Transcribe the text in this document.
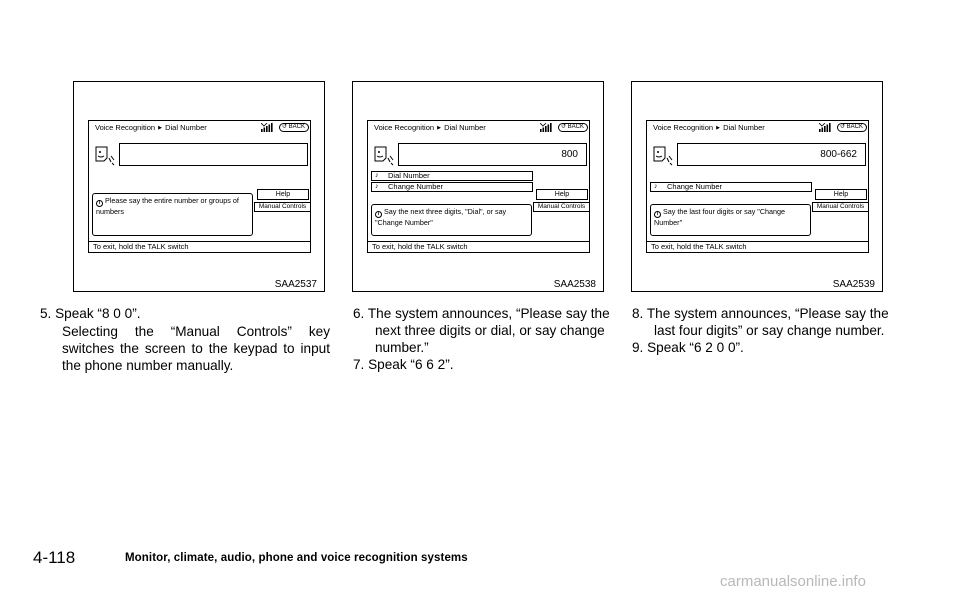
Voice Recognition ▶ Dial Number	↺ BACK
Help
Manual Controls
i Please say the entire number or groups of numbers
To exit, hold the TALK switch
SAA2537
Voice Recognition ▶ Dial Number	↺ BACK
800
♪ Dial Number
♪ Change Number
Help
Manual Controls
i Say the next three digits, "Dial", or say "Change Number"
To exit, hold the TALK switch
SAA2538
Voice Recognition ▶ Dial Number	↺ BACK
800-662
♪ Change Number
Help
Manual Controls
i Say the last four digits or say "Change Number"
To exit, hold the TALK switch
SAA2539
5. Speak “8 0 0”.
Selecting the “Manual Controls” key switches the screen to the keypad to input the phone number manually.
6. The system announces, “Please say the next three digits or dial, or say change number.”
7. Speak “6 6 2”.
8. The system announces, “Please say the last four digits” or say change number.
9. Speak “6 2 0 0”.
4-118	Monitor, climate, audio, phone and voice recognition systems
carmanualsonline.info
